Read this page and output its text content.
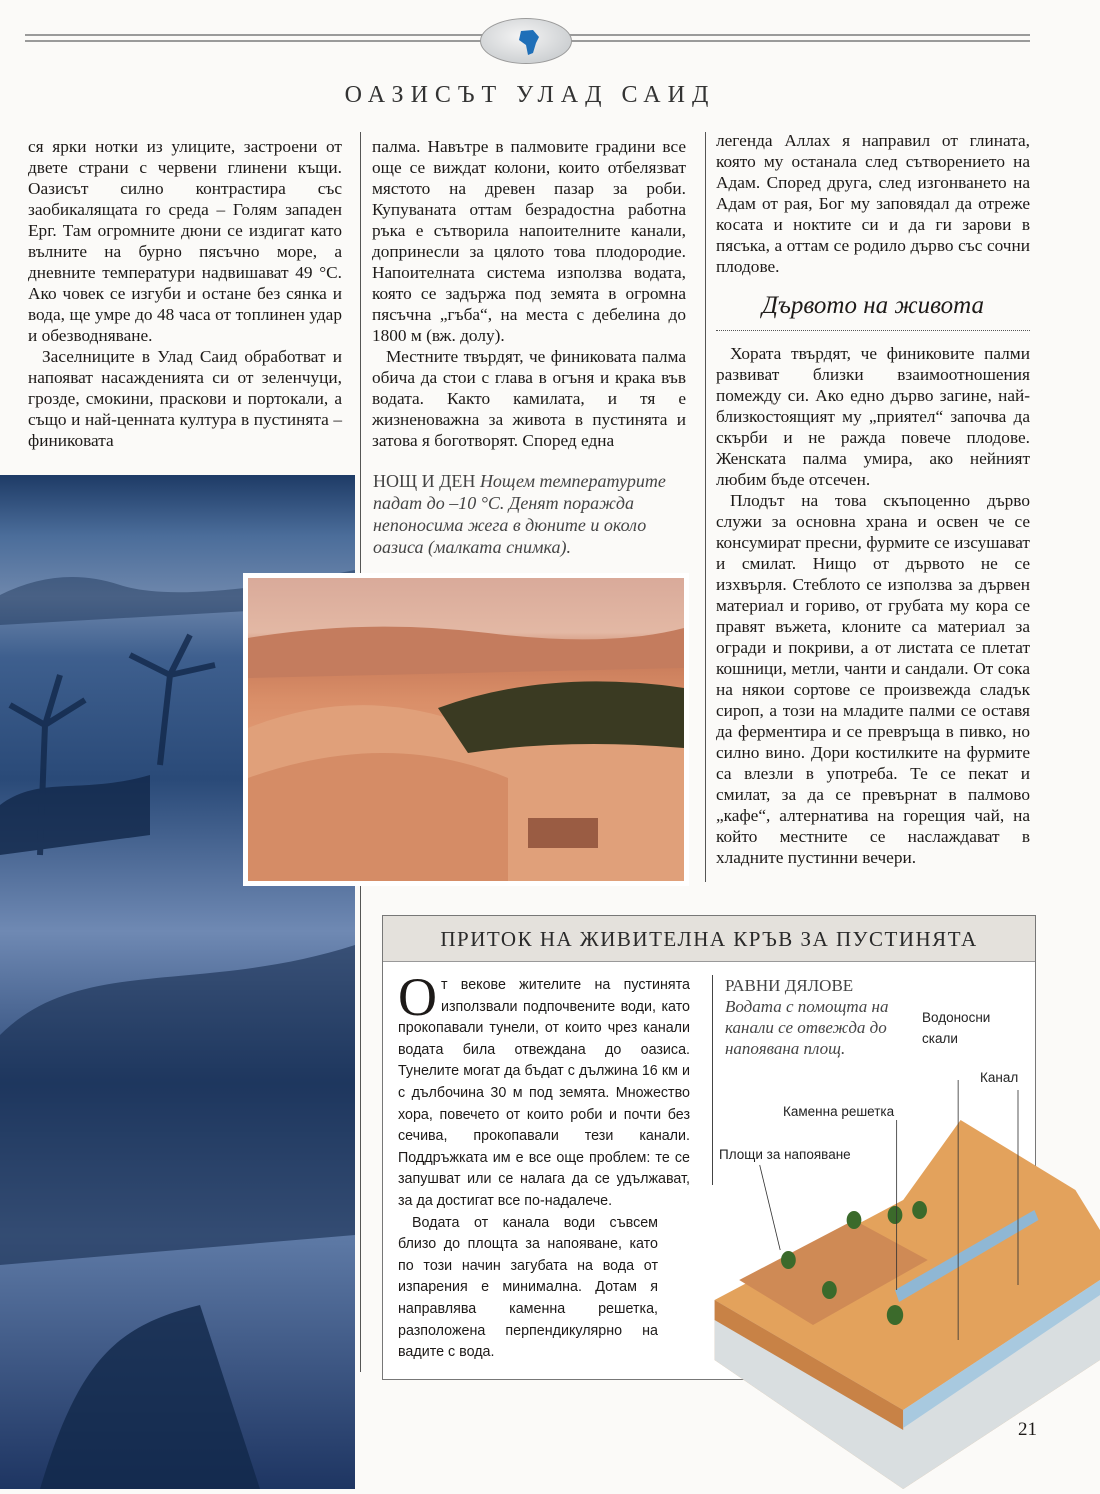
ОАЗИСЪТ УЛАД САИД

ся ярки нотки из улиците, застроени от двете страни с червени глинени къщи. Оазисът силно контрастира със заобикалящата го среда – Голям западен Ерг. Там огромните дюни се издигат като вълните на бурно пясъчно море, а дневните температури надвишават 49 °C. Ако човек се изгуби и остане без сянка и вода, ще умре до 48 часа от топлинен удар и обезводняване.

Заселниците в Улад Саид обработват и напояват насажденията си от зеленчуци, грозде, смокини, праскови и портокали, а също и най-ценната култура в пустинята – финиковата

палма. Навътре в палмовите градини все още се виждат колони, които отбелязват мястото на древен пазар за роби. Купуваната оттам безрадостна работна ръка е сътворила напоителните канали, допринесли за цялото това плодородие. Напоителната система използва водата, която се задържа под земята в огромна пясъчна „гъба“, на места с дебелина до 1800 м (вж. долу).

Местните твърдят, че финиковата палма обича да стои с глава в огъня и крака във водата. Както камилата, и тя е жизненоважна за живота в пустинята и затова я боготворят. Според една

НОЩ И ДЕН Нощем температурите падат до –10 °C. Денят поражда непоносима жега в дюните и около оазиса (малката снимка).

легенда Аллах я направил от глината, която му останала след сътворението на Адам. Според друга, след изгонването на Адам от рая, Бог му заповядал да отреже косата и ноктите си и да ги зарови в пясъка, а оттам се родило дърво със сочни плодове.

Дървото на живота

Хората твърдят, че финиковите палми развиват близки взаимоотношения помежду си. Ако едно дърво загине, най-близкостоящият му „приятел“ започва да скърби и не ражда повече плодове. Женската палма умира, ако нейният любим бъде отсечен.

Плодът на това скъпоценно дърво служи за основна храна и освен че се консумират пресни, фурмите се изсушават и смилат. Нищо от дървото не се изхвърля. Стеблото се използва за дървен материал и гориво, от грубата му кора се правят въжета, клоните са материал за огради и покриви, а от листата се плетат кошници, метли, чанти и сандали. От сока на някои сортове се произвежда сладък сироп, а този на младите палми се оставя да ферментира и се превръща в пивко, но силно вино. Дори костилките на фурмите са влезли в употреба. Те се пекат и смилат, за да се превърнат в палмово „кафе“, алтернатива на горещия чай, на който местните се наслаждават в хладните пустинни вечери.

ПРИТОК НА ЖИВИТЕЛНА КРЪВ ЗА ПУСТИНЯТА
О т векове жителите на пустинята използвали подпочвените води, като прокопавали тунели, от които чрез канали водата била отвеждана до оазиса. Тунелите могат да бъдат с дължина 16 км и с дълбочина 30 м под земята. Множество хора, повечето от които роби и почти без сечива, прокопавали тези канали. Поддръжката им е все още проблем: те се запушват или се налага да се удължават, за да достигат все по-надалече.

Водата от канала води съвсем близо до площта за напояване, като по този начин загубата на вода от изпарения е минимална. Дотам я направлява каменна решетка, разположена перпендикулярно на вадите с вода.

РАВНИ ДЯЛОВЕ Водата с помощта на канали се отвежда до напоявана площ.
Водоносни скали
Канал
Каменна решетка
Площи за напояване
21
